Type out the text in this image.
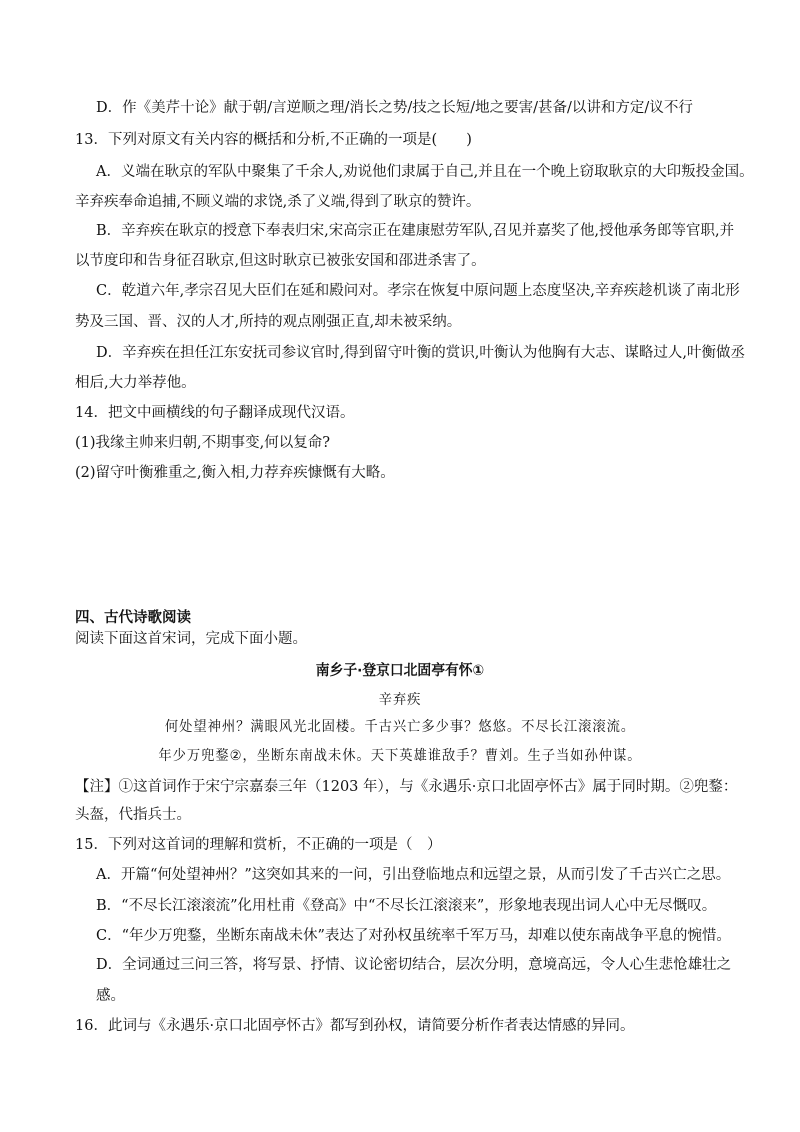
D．作《美芹十论》献于朝/言逆顺之理/消长之势/技之长短/地之要害/甚备/以讲和方定/议不行
13．下列对原文有关内容的概括和分析,不正确的一项是(　　)
A．义端在耿京的军队中聚集了千余人,劝说他们隶属于自己,并且在一个晚上窃取耿京的大印叛投金国。
辛弃疾奉命追捕,不顾义端的求饶,杀了义端,得到了耿京的赞许。
B．辛弃疾在耿京的授意下奉表归宋,宋高宗正在建康慰劳军队,召见并嘉奖了他,授他承务郎等官职,并
以节度印和告身征召耿京,但这时耿京已被张安国和邵进杀害了。
C．乾道六年,孝宗召见大臣们在延和殿问对。孝宗在恢复中原问题上态度坚决,辛弃疾趁机谈了南北形
势及三国、晋、汉的人才,所持的观点刚强正直,却未被采纳。
D．辛弃疾在担任江东安抚司参议官时,得到留守叶衡的赏识,叶衡认为他胸有大志、谋略过人,叶衡做丞
相后,大力举荐他。
14．把文中画横线的句子翻译成现代汉语。
(1)我缘主帅来归朝,不期事变,何以复命?
(2)留守叶衡雅重之,衡入相,力荐弃疾慷慨有大略。
四、古代诗歌阅读
阅读下面这首宋词，完成下面小题。
南乡子·登京口北固亭有怀①
辛弃疾
何处望神州？满眼风光北固楼。千古兴亡多少事？悠悠。不尽长江滚滚流。
年少万兜鍪②，坐断东南战未休。天下英雄谁敌手？曹刘。生子当如孙仲谋。
【注】①这首词作于宋宁宗嘉泰三年（1203 年），与《永遇乐·京口北固亭怀古》属于同时期。②兜鍪：
头盔，代指兵士。
15．下列对这首词的理解和赏析，不正确的一项是（　）
A．开篇“何处望神州？”这突如其来的一问，引出登临地点和远望之景，从而引发了千古兴亡之思。
B．“不尽长江滚滚流”化用杜甫《登高》中“不尽长江滚滚来”，形象地表现出词人心中无尽慨叹。
C．“年少万兜鍪，坐断东南战未休”表达了对孙权虽统率千军万马，却难以使东南战争平息的惋惜。
D．全词通过三问三答，将写景、抒情、议论密切结合，层次分明，意境高远，令人心生悲怆雄壮之
感。
16．此词与《永遇乐·京口北固亭怀古》都写到孙权，请简要分析作者表达情感的异同。
